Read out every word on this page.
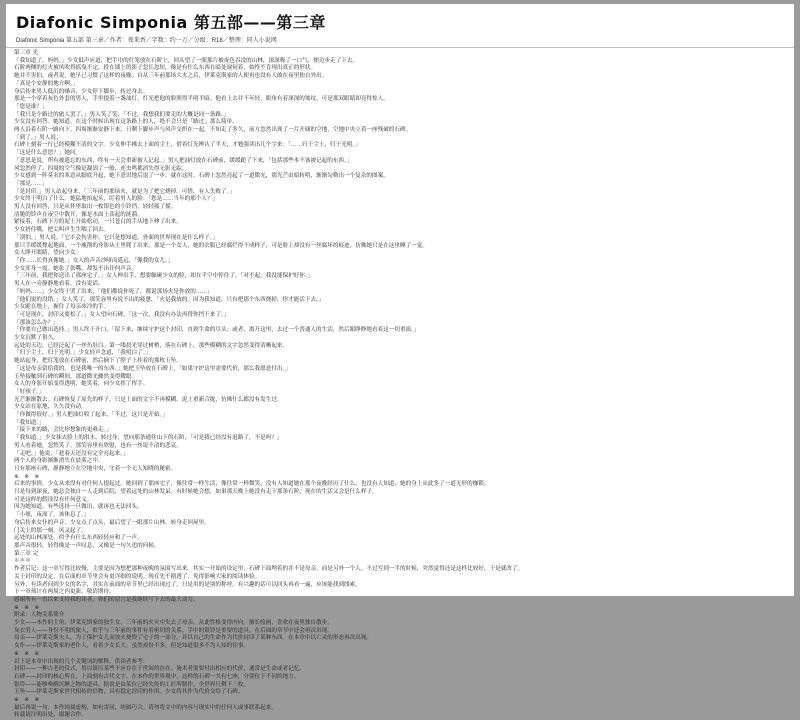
Diafonic Simponia 第五部——第三章
Diafonic Simponia 第五部 第三章／作者：夜来香／字数：约一万／分级：R18／整理：同人小说网

第三章 光

「我知道了，妈妈。」少女低声应道，把手中的灯笼放在石阶上，回头望了一眼那片被夜色吞没的山林，深深吸了一口气，便迈步走了下去。

石阶两侧的灯火被风吹得摇曳不定，投在墙上的影子忽长忽短，像是有什么东西在暗处窥伺着，始终不肯现出真正的形状。

她并不害怕，或者说，她早已习惯了这样的夜晚。自从三年前那场大火之后，伊莱克斯家的人便再也没有人敢在夜里独自外出。

「真是个安静的地方啊。」

身后传来男人低沉的嗓音，少女停下脚步，转过身去。

那是一个穿着灰色外套的男人，手里提着一盏油灯，灯光把他的脸照得半明半暗。他看上去并不年轻，眼角有着深深的皱纹，可是那双眼睛却亮得惊人。

「您是谁？」

「我只是个路过的旅人罢了。」男人笑了笑，「不过，我想我们要走的大概是同一条路。」

少女没有回答。她知道，在这个时候出现在这条路上的人，绝不会只是「路过」那么简单。

两人沿着石阶一路向下。四周渐渐安静下来，只剩下脚步声与风声交织在一起。不知走了多久，前方忽然出现了一片开阔的空地，空地中央立着一座残破的石碑。

「到了。」男人说。

石碑上刻着一行已经模糊不清的文字。少女伸手拂去上面的尘土，借着灯光辨认了半天，才勉强读出几个字来：「……归于尘土，归于光明。」

「这是什么意思？」她问。

「意思是说，所有被遗忘的东西，终有一天会重新被人记起。」男人把油灯放在石碑前，缓缓跪了下来，「包括那些本不该被记起的东西。」

风忽然停了。四周的空气像是凝固了一般，连虫鸣都消失得无影无踪。

少女感到一阵莫名的寒意从脚底升起，她下意识地后退了一步。就在这时，石碑上忽然亮起了一道微光，那光芒由暗转明，渐渐勾勒出一个复杂的图案。

「那是……」

「是封印。」男人站起身来，「三年前的那场火，就是为了把它烧掉。可惜，有人失败了。」

少女终于明白了什么。她猛地抬起头，盯着男人的脸：「您是……当年的那个人？」

男人没有回答，只是从怀里取出一枚银色的小铃铛，轻轻摇了摇。

清脆的铃声在夜空中散开，像是水面上荡起的涟漪。

紧接着，石碑下方的泥土开始松动，一只苍白的手从地下伸了出来。

少女捂住嘴，把尖叫声生生咽了回去。

「别怕。」男人说，「它不会伤害你。它只是想知道，外面的世界现在是什么样子。」

那只手缓缓撑起地面，一个瘦削的身影从土里爬了出来。那是一个女人，她的衣服已经腐烂得不成样子，可是脸上却没有一丝腐坏的痕迹，仿佛她只是在这里睡了一觉。

女人睁开眼睛，望向少女。

「你……长得真像她。」女人的声音沙哑而遥远，「像我的女儿。」

少女浑身一震。她张了张嘴，却发不出任何声音。

「三年前，我把你送出了那座宅子。」女人伸出手，想要触碰少女的脸，却在半空中停住了，「对不起，我没能保护好你。」

男人在一旁静静地看着，没有说话。

「妈妈……」少女终于哭了出来，「他们都说你死了，都说那场火是你放的……」

「他们说的没错。」女人笑了，那笑容里有说不出的疲惫，「火是我放的。因为我知道，只有把那个东西烧掉，你才能活下去。」

少女跪在地上，握住了母亲冰冷的手。

「可是现在，封印又要松了。」女人望向石碑，「这一次，我没有办法再替你挡下来了。」

「那该怎么办？」

「你要自己做出选择。」男人终于开口，「留下来，继续守护这个封印，直到生命的尽头；或者，离开这里，去过一个普通人的生活，然后眼睁睁地看着这一切重演。」

少女沉默了很久。

远处的天边，已经泛起了一丝鱼肚白。第一缕晨光穿过树梢，落在石碑上，那些模糊的文字忽然变得清晰起来。

「归于尘土，归于光明。」少女轻声念道，「我明白了。」

她站起身，把灯笼放在石碑前，然后摘下了脖子上挂着的那枚玉坠。

「这是母亲留给我的，也是我唯一的东西。」她把玉坠放在石碑上，「如果守护这里需要代价，那么我愿意付出。」

玉坠接触到石碑的瞬间，那道微光骤然变得耀眼。

女人的身影开始变得透明，她笑着，向少女挥了挥手。

「好孩子。」

光芒渐渐散去。石碑恢复了原先的样子，只是上面的文字不再模糊。泥土重新合拢，仿佛什么都没有发生过。

少女站在原地，久久没有动。

「你做得很好。」男人把油灯收了起来，「不过，这只是开始。」

「我知道。」

「接下来的路，会比你想象的更难走。」

「我知道。」少女抹去脸上的泪水，转过身，望向那条通往山下的石阶，「可是我已经没有退路了，不是吗？」

男人看着她，忽然笑了。那笑容里有欣慰，也有一丝说不清的悲哀。

「走吧。」他说，「趁着天还没有完全亮起来。」

两个人的身影渐渐消失在晨雾之中。

只有那座石碑，静静地立在空地中央，守着一个无人知晓的秘密。

※　※　※

后来的事情，少女从来没有对任何人提起过。她回到了那座宅子，像往常一样生活，像往常一样微笑。没有人知道她在那个夜晚经历了什么，也没有人知道，她的身上从此多了一道无形的枷锁。

只是每到深夜，她总会独自一人走到后院，望着远处的山林发呆。有时候她会想，如果那天晚上她没有走下那条石阶，现在的生活又会是什么样子。

可是这样的假设没有任何意义。

因为她知道，有些选择一旦做出，就再也无法回头。

「小姐，夜深了，该休息了。」

身后传来女仆的声音。少女点了点头，最后望了一眼那片山林，转身走回屋里。

门关上的那一刻，风又起了。

远处的山林深处，似乎有什么东西轻轻应和了一声。

那声音很轻，轻得像是一声叹息，又像是一句久违的问候。

第三章 完

＊＊＊

作者后记：这一章写得比较慢，主要是因为想把那种夜晚的氛围写出来。其实一开始的设定里，石碑下面埋着的并不是母亲，而是另外一个人。不过写到一半的时候，突然觉得还是这样比较好，于是就改了。

关于封印的设定，在后面的章节里会有更详细的说明。现在先不剧透了，免得影响大家的阅读体验。

另外，有读者问到少女的名字，其实在前面的章节里已经出现过了，只是用的是别的称呼。有兴趣的话可以回头再看一遍，应该能找到线索。

下一章预计在两周之内更新，敬请期待。

感谢所有一直以来支持我的读者，你们的留言是我继续写下去的最大动力。

※　※　※

附录：人物关系简介

少女——本作的主角，伊莱克斯家的独生女。三年前的火灾中失去了母亲，从此性格变得内向。擅长绘画，喜欢在夜里独自散步。

灰衣男人——身份不明的旅人，似乎与三年前的事件有着密切的关系。手中的银铃是重要的道具，在后面的章节中还会再次出现。

母亲——伊莱克斯夫人，为了保护女儿而放火烧毁了宅子的一部分，并以自己的生命作为代价封印了某种东西。在本章中以亡灵的形态再次出现。

女仆——伊莱克斯家的老仆人，看着少女长大。虽然戏份不多，但是知道很多不为人知的往事。

※　※　※

以下是本章中出现的几个关键词的解释，供读者参考：

封印——一种古老的仪式，用以镇压某些不应存在于世间的存在。施术者需要付出相应的代价，通常是生命或者记忆。

石碑——封印的核心所在，上面刻有古代文字。在本作的世界观中，这样的石碑一共有七座，分别位于不同的地方。

银铃——能够唤醒沉睡之物的道具。据说是由某位已经失传的工匠所制作，全世界只剩下三枚。

玉坠——伊莱克斯家世代相传的信物，具有稳定封印的作用。少女将其作为代价交给了石碑。

※　※　※

最后再说一句：本作纯属虚构，如有雷同，纯属巧合。请勿将文中的内容与现实中的任何人或事联系起来。

转载请注明出处，谢谢合作。
